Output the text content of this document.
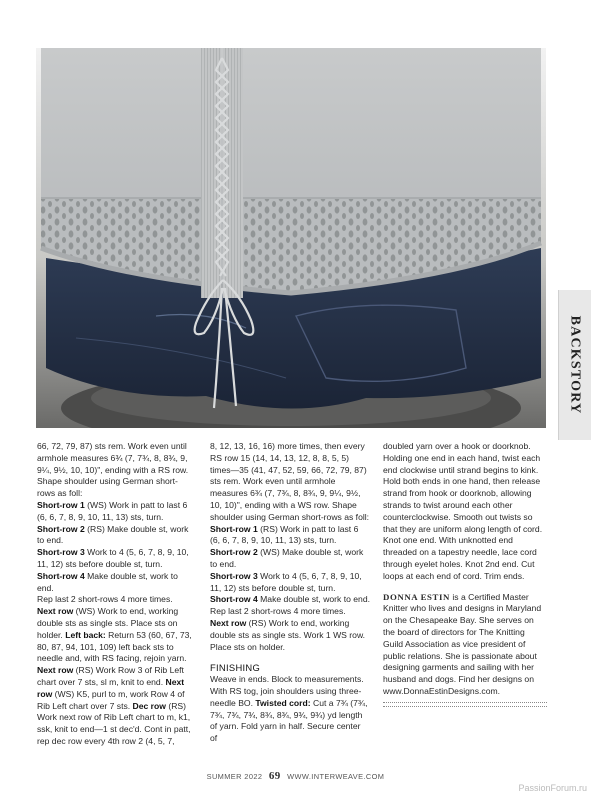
BACKSTORY

66, 72, 79, 87) sts rem. Work even until armhole measures 6¾ (7, 7¾, 8, 8¾, 9, 9¼, 9½, 10, 10)", ending with a RS row. Shape shoulder using German short-rows as foll:

Short-row 1 (WS) Work in patt to last 6 (6, 6, 7, 8, 9, 10, 11, 13) sts, turn.

Short-row 2 (RS) Make double st, work to end.

Short-row 3 Work to 4 (5, 6, 7, 8, 9, 10, 11, 12) sts before double st, turn.

Short-row 4 Make double st, work to end.

Rep last 2 short-rows 4 more times.

Next row (WS) Work to end, working double sts as single sts. Place sts on holder. Left back: Return 53 (60, 67, 73, 80, 87, 94, 101, 109) left back sts to needle and, with RS facing, rejoin yarn.

Next row (RS) Work Row 3 of Rib Left chart over 7 sts, sl m, knit to end. Next row (WS) K5, purl to m, work Row 4 of Rib Left chart over 7 sts. Dec row (RS) Work next row of Rib Left chart to m, k1, ssk, knit to end—1 st dec'd. Cont in patt, rep dec row every 4th row 2 (4, 5, 7,

8, 12, 13, 16, 16) more times, then every RS row 15 (14, 14, 13, 12, 8, 8, 5, 5) times—35 (41, 47, 52, 59, 66, 72, 79, 87) sts rem. Work even until armhole measures 6¾ (7, 7¾, 8, 8¾, 9, 9¼, 9½, 10, 10)", ending with a WS row. Shape shoulder using German short-rows as foll:

Short-row 1 (RS) Work in patt to last 6 (6, 6, 7, 8, 9, 10, 11, 13) sts, turn.

Short-row 2 (WS) Make double st, work to end.

Short-row 3 Work to 4 (5, 6, 7, 8, 9, 10, 11, 12) sts before double st, turn.

Short-row 4 Make double st, work to end.

Rep last 2 short-rows 4 more times.

Next row (RS) Work to end, working double sts as single sts. Work 1 WS row. Place sts on holder.

FINISHING

Weave in ends. Block to measurements. With RS tog, join shoulders using three-needle BO. Twisted cord: Cut a 7¾ (7¾, 7¾, 7¾, 7¾, 8¾, 8¾, 9¾, 9¾) yd length of yarn. Fold yarn in half. Secure center of

doubled yarn over a hook or doorknob. Holding one end in each hand, twist each end clockwise until strand begins to kink. Hold both ends in one hand, then release strand from hook or doorknob, allowing strands to twist around each other counterclockwise. Smooth out twists so that they are uniform along length of cord. Knot one end. With unknotted end threaded on a tapestry needle, lace cord through eyelet holes. Knot 2nd end. Cut loops at each end of cord. Trim ends.

DONNA ESTIN is a Certified Master Knitter who lives and designs in Maryland on the Chesapeake Bay. She serves on the board of directors for The Knitting Guild Association as vice president of public relations. She is passionate about designing garments and sailing with her husband and dogs. Find her designs on www.DonnaEstinDesigns.com.

SUMMER 2022 69 WWW.INTERWEAVE.COM
PassionForum.ru
